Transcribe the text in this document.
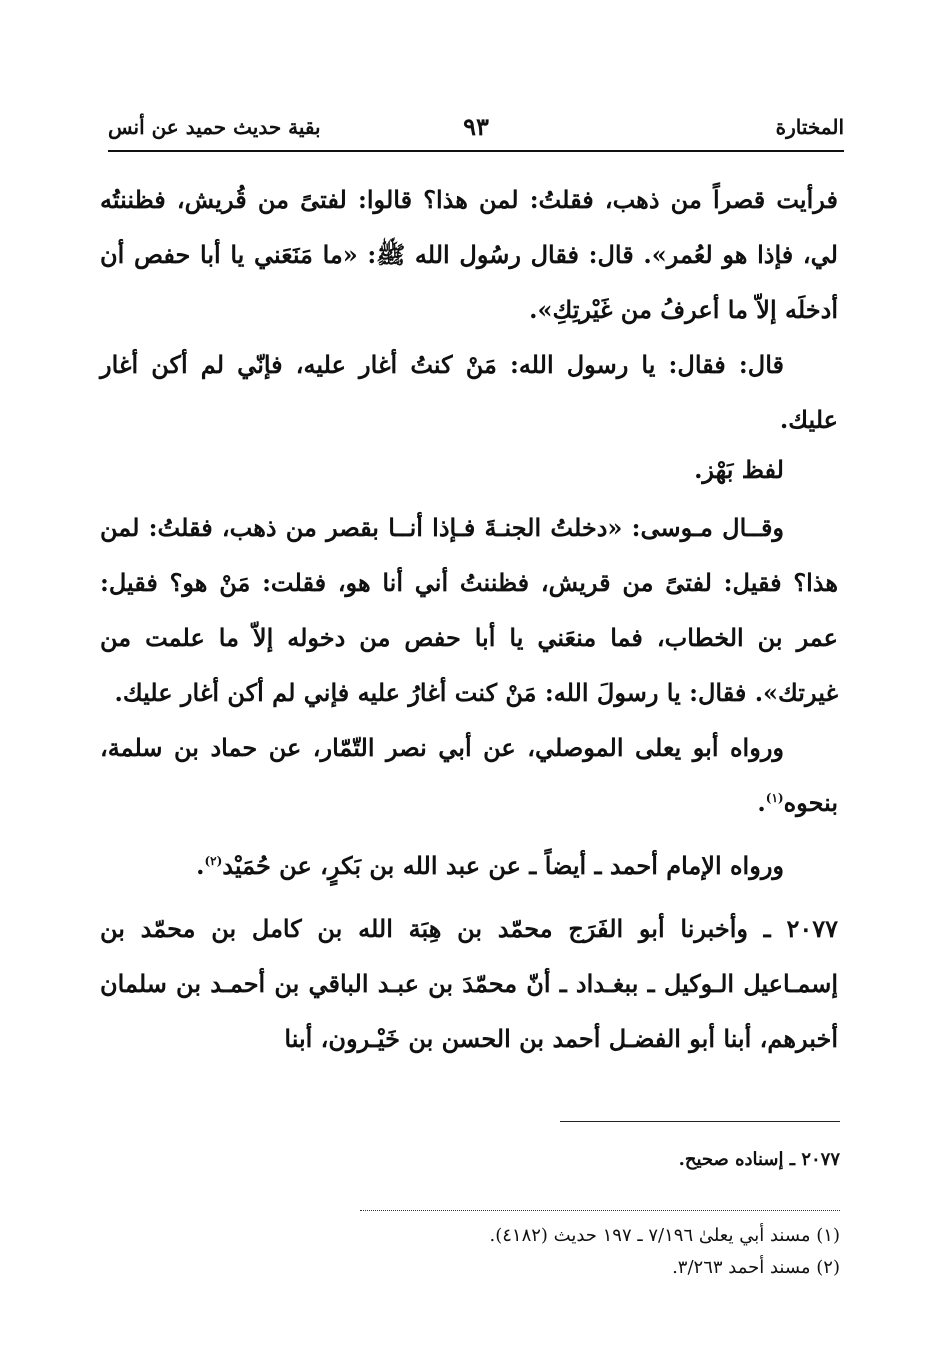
المختارة
٩٣
بقية حديث حميد عن أنس

فرأيت قصراً من ذهب، فقلتُ: لمن هذا؟ قالوا: لفتىً من قُريش، فظننتُه لي، فإذا هو لعُمر». قال: فقال رسُول الله ﷺ: «ما مَنَعَني يا أبا حفص أن أدخلَه إلاّ ما أعرفُ من غَيْرتِكِ».

قال: فقال: يا رسول الله: مَنْ كنتُ أغار عليه، فإنّي لم أكن أغار عليك.

لفظ بَهْز.

وقــال مـوسى: «دخلتُ الجنـةَ فـإذا أنــا بقصر من ذهب، فقلتُ: لمن هذا؟ فقيل: لفتىً من قريش، فظننتُ أني أنا هو، فقلت: مَنْ هو؟ فقيل: عمر بن الخطاب، فما منعَني يا أبا حفص من دخوله إلاّ ما علمت من غيرتك». فقال: يا رسولَ الله: مَنْ كنت أغارُ عليه فإني لم أكن أغار عليك.

ورواه أبو يعلى الموصلي، عن أبي نصر التّمّار، عن حماد بن سلمة، بنحوه$^{(١)}$.

ورواه الإمام أحمد ـ أيضاً ـ عن عبد الله بن بَكرٍ، عن حُمَيْد$^{(٢)}$.

٢٠٧٧ ـ وأخبرنا أبو الفَرَج محمّد بن هِبَة الله بن كامل بن محمّد بن إسمـاعيل الـوكيل ـ ببغـداد ـ أنّ محمّدَ بن عبـد الباقي بن أحمـد بن سلمان أخبرهم، أبنا أبو الفضـل أحمد بن الحسن بن خَيْـرون، أبنا

٢٠٧٧ ـ إسناده صحيح.

(١) مسند أبي يعلىٰ ٧/١٩٦ ـ ١٩٧ حديث (٤١٨٢).

(٢) مسند أحمد ٣/٢٦٣.
